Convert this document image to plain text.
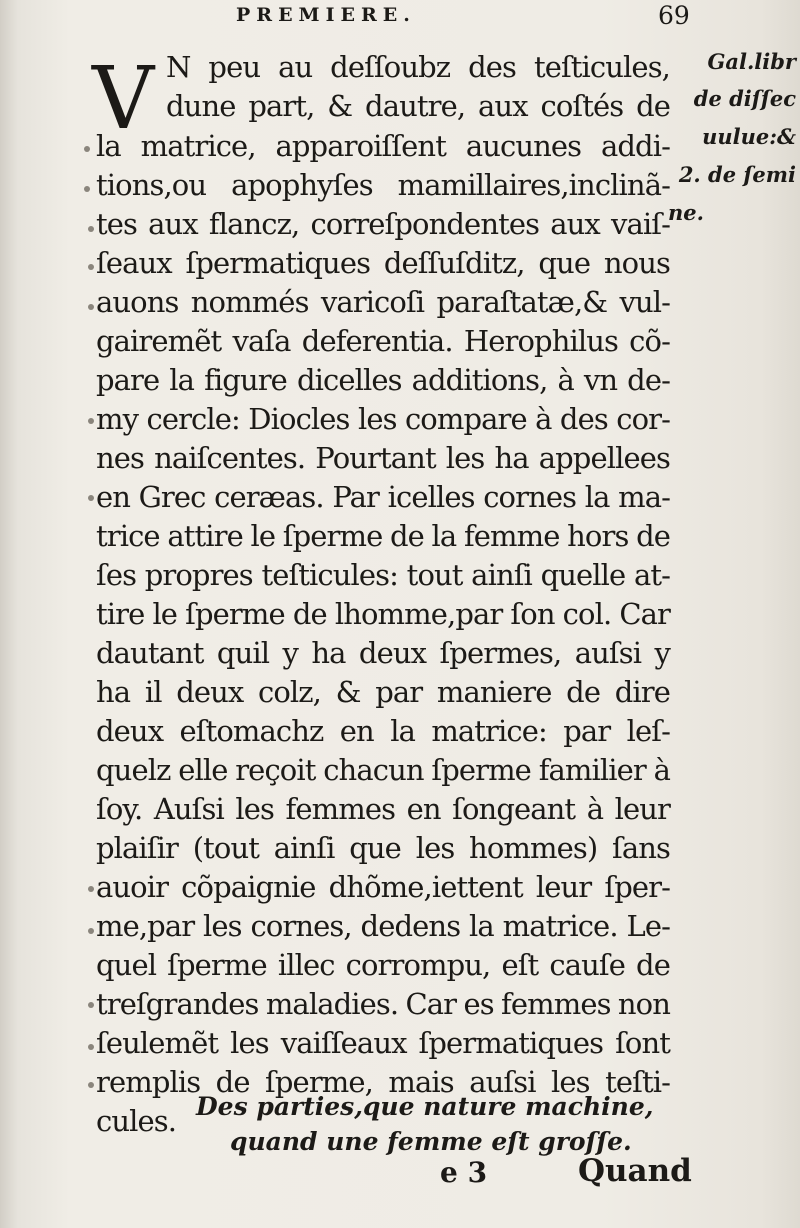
PREMIERE.	69
V N peu au deſſoubz des teſticules,
dune part, & dautre, aux coſtés de
la matrice, apparoiſſent aucunes addi-
tions,ou apophyſes mamillaires,inclinã-
tes aux flancz, correſpondentes aux vaiſ-
ſeaux ſpermatiques deſſuſditz, que nous
auons nommés varicoſi paraſtatæ,& vul-
gairemẽt vaſa deferentia. Herophilus cõ-
pare la figure dicelles additions, à vn de-
my cercle: Diocles les compare à des cor-
nes naiſcentes. Pourtant les ha appellees
en Grec ceræas. Par icelles cornes la ma-
trice attire le ſperme de la femme hors de
ſes propres teſticules: tout ainſi quelle at-
tire le ſperme de lhomme,par ſon col. Car
dautant quil y ha deux ſpermes, auſsi y
ha il deux colz, & par maniere de dire
deux eſtomachz en la matrice: par leſ-
quelz elle reçoit chacun ſperme familier à
ſoy. Auſsi les femmes en ſongeant à leur
plaiſir (tout ainſi que les hommes) ſans
auoir cõpaignie dhõme,iettent leur ſper-
me,par les cornes, dedens la matrice. Le-
quel ſperme illec corrompu, eſt cauſe de
treſgrandes maladies. Car es femmes non
ſeulemẽt les vaiſſeaux ſpermatiques ſont
remplis de ſperme, mais auſsi les teſti-
cules.
Gal.libr
de diſſec
uulue:&
2. de ſemi
ne.
Des parties,que nature machine,
quand une femme eſt groſſe.
e 3	Quand
